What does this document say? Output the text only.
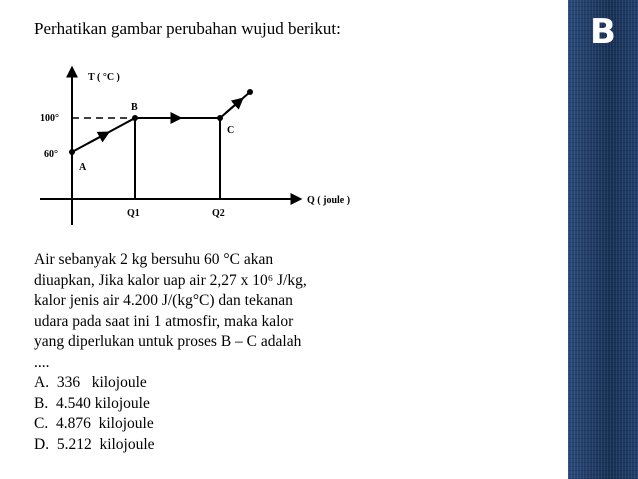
Perhatikan gambar perubahan wujud berikut:
T ( °C )
Q ( joule )
100°
60°
Q1	Q2
A
B
C
Air sebanyak 2 kg bersuhu 60 °C akan
diuapkan, Jika kalor uap air 2,27 x 10⁶ J/kg,
kalor jenis air 4.200 J/(kg°C) dan tekanan
udara pada saat ini 1 atmosfir, maka kalor
yang diperlukan untuk proses B – C adalah
....
A.  336   kilojoule
B.  4.540 kilojoule
C.  4.876  kilojoule
D.  5.212  kilojoule
B
